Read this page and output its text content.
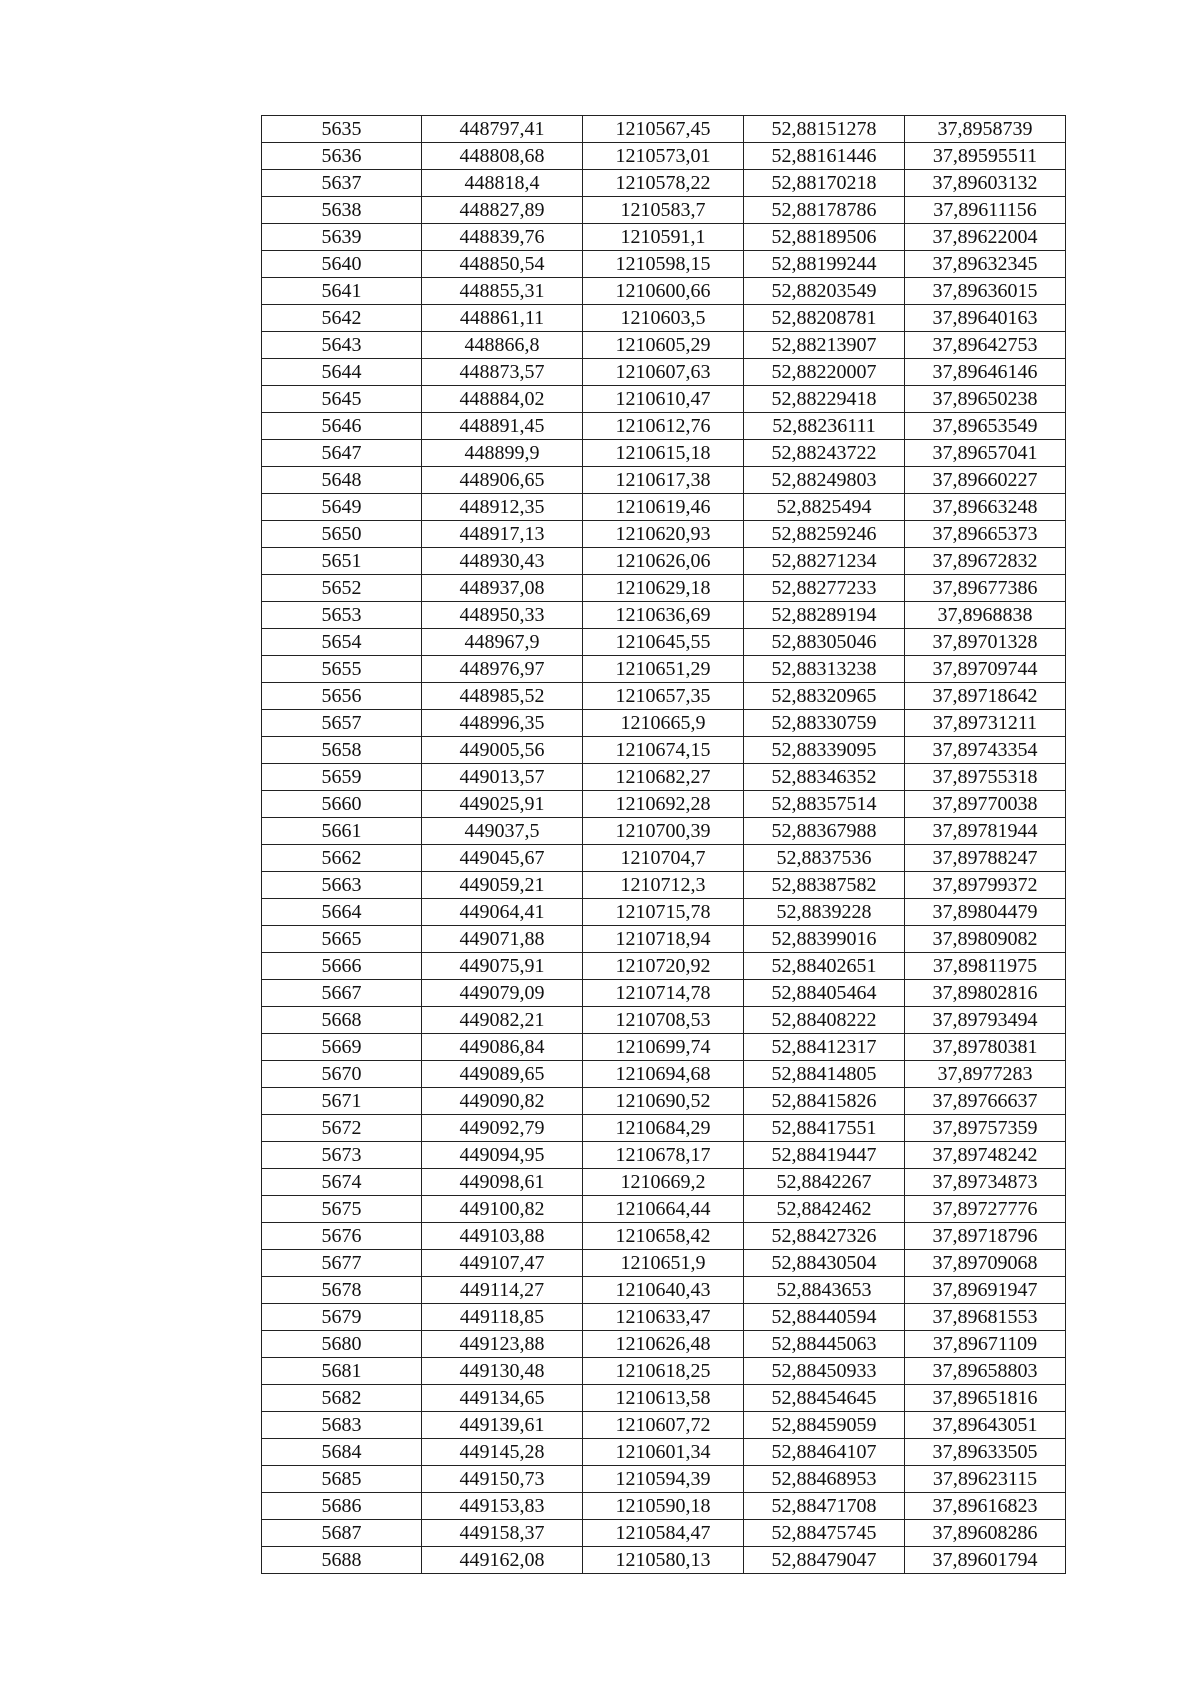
5635	448797,41	1210567,45	52,88151278	37,8958739
5636	448808,68	1210573,01	52,88161446	37,89595511
5637	448818,4	1210578,22	52,88170218	37,89603132
5638	448827,89	1210583,7	52,88178786	37,89611156
5639	448839,76	1210591,1	52,88189506	37,89622004
5640	448850,54	1210598,15	52,88199244	37,89632345
5641	448855,31	1210600,66	52,88203549	37,89636015
5642	448861,11	1210603,5	52,88208781	37,89640163
5643	448866,8	1210605,29	52,88213907	37,89642753
5644	448873,57	1210607,63	52,88220007	37,89646146
5645	448884,02	1210610,47	52,88229418	37,89650238
5646	448891,45	1210612,76	52,88236111	37,89653549
5647	448899,9	1210615,18	52,88243722	37,89657041
5648	448906,65	1210617,38	52,88249803	37,89660227
5649	448912,35	1210619,46	52,8825494	37,89663248
5650	448917,13	1210620,93	52,88259246	37,89665373
5651	448930,43	1210626,06	52,88271234	37,89672832
5652	448937,08	1210629,18	52,88277233	37,89677386
5653	448950,33	1210636,69	52,88289194	37,8968838
5654	448967,9	1210645,55	52,88305046	37,89701328
5655	448976,97	1210651,29	52,88313238	37,89709744
5656	448985,52	1210657,35	52,88320965	37,89718642
5657	448996,35	1210665,9	52,88330759	37,89731211
5658	449005,56	1210674,15	52,88339095	37,89743354
5659	449013,57	1210682,27	52,88346352	37,89755318
5660	449025,91	1210692,28	52,88357514	37,89770038
5661	449037,5	1210700,39	52,88367988	37,89781944
5662	449045,67	1210704,7	52,8837536	37,89788247
5663	449059,21	1210712,3	52,88387582	37,89799372
5664	449064,41	1210715,78	52,8839228	37,89804479
5665	449071,88	1210718,94	52,88399016	37,89809082
5666	449075,91	1210720,92	52,88402651	37,89811975
5667	449079,09	1210714,78	52,88405464	37,89802816
5668	449082,21	1210708,53	52,88408222	37,89793494
5669	449086,84	1210699,74	52,88412317	37,89780381
5670	449089,65	1210694,68	52,88414805	37,8977283
5671	449090,82	1210690,52	52,88415826	37,89766637
5672	449092,79	1210684,29	52,88417551	37,89757359
5673	449094,95	1210678,17	52,88419447	37,89748242
5674	449098,61	1210669,2	52,8842267	37,89734873
5675	449100,82	1210664,44	52,8842462	37,89727776
5676	449103,88	1210658,42	52,88427326	37,89718796
5677	449107,47	1210651,9	52,88430504	37,89709068
5678	449114,27	1210640,43	52,8843653	37,89691947
5679	449118,85	1210633,47	52,88440594	37,89681553
5680	449123,88	1210626,48	52,88445063	37,89671109
5681	449130,48	1210618,25	52,88450933	37,89658803
5682	449134,65	1210613,58	52,88454645	37,89651816
5683	449139,61	1210607,72	52,88459059	37,89643051
5684	449145,28	1210601,34	52,88464107	37,89633505
5685	449150,73	1210594,39	52,88468953	37,89623115
5686	449153,83	1210590,18	52,88471708	37,89616823
5687	449158,37	1210584,47	52,88475745	37,89608286
5688	449162,08	1210580,13	52,88479047	37,89601794
